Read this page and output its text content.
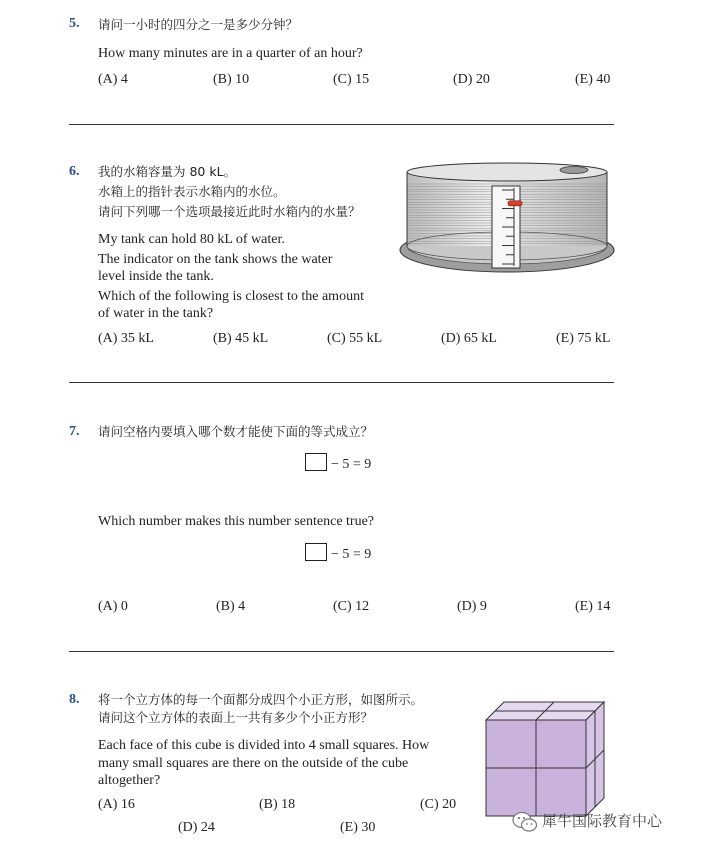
5. 请问一小时的四分之一是多少分钟？
How many minutes are in a quarter of an hour?
(A) 4	(B) 10	(C) 15	(D) 20	(E) 40
6. 我的水箱容量为 80 kL。
水箱上的指针表示水箱内的水位。
请问下列哪一个选项最接近此时水箱内的水量？
My tank can hold 80 kL of water.
The indicator on the tank shows the water
level inside the tank.
Which of the following is closest to the amount
of water in the tank?
(A) 35 kL	(B) 45 kL	(C) 55 kL	(D) 65 kL	(E) 75 kL
7. 请问空格内要填入哪个数才能使下面的等式成立？
− 5 = 9
Which number makes this number sentence true?
− 5 = 9
(A) 0	(B) 4	(C) 12	(D) 9	(E) 14
8. 将一个立方体的每一个面都分成四个小正方形，如图所示。
请问这个立方体的表面上一共有多少个小正方形？
Each face of this cube is divided into 4 small squares. How
many small squares are there on the outside of the cube
altogether?
(A) 16	(B) 18	(C) 20
(D) 24	(E) 30	犀牛国际教育中心
